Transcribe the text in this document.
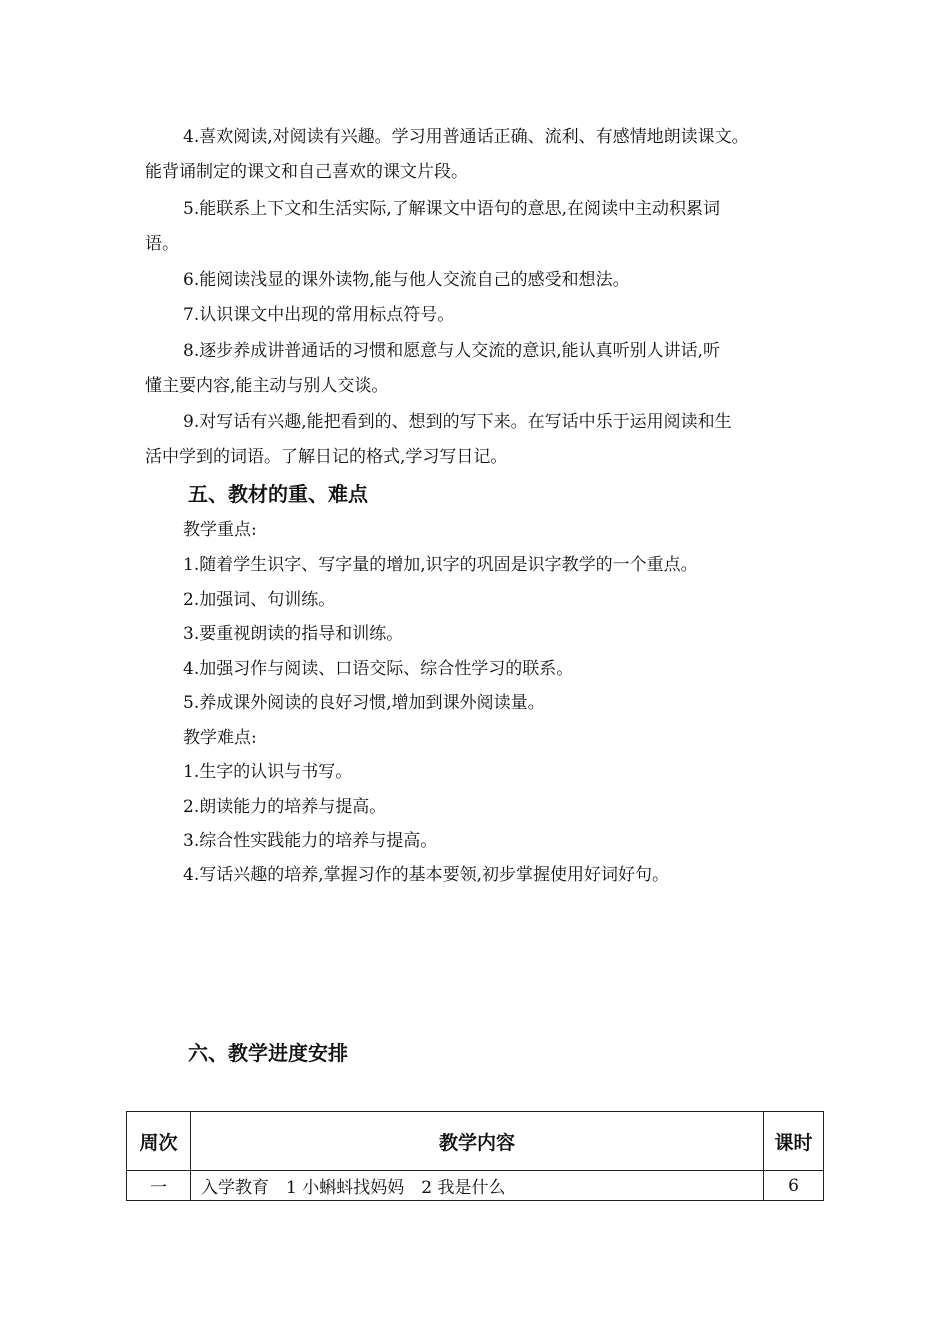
4.喜欢阅读,对阅读有兴趣。学习用普通话正确、流利、有感情地朗读课文。
能背诵制定的课文和自己喜欢的课文片段。
5.能联系上下文和生活实际,了解课文中语句的意思,在阅读中主动积累词
语。
6.能阅读浅显的课外读物,能与他人交流自己的感受和想法。
7.认识课文中出现的常用标点符号。
8.逐步养成讲普通话的习惯和愿意与人交流的意识,能认真听别人讲话,听
懂主要内容,能主动与别人交谈。
9.对写话有兴趣,能把看到的、想到的写下来。在写话中乐于运用阅读和生
活中学到的词语。了解日记的格式,学习写日记。
五、教材的重、难点
教学重点:
1.随着学生识字、写字量的增加,识字的巩固是识字教学的一个重点。
2.加强词、句训练。
3.要重视朗读的指导和训练。
4.加强习作与阅读、口语交际、综合性学习的联系。
5.养成课外阅读的良好习惯,增加到课外阅读量。
教学难点:
1.生字的认识与书写。
2.朗读能力的培养与提高。
3.综合性实践能力的培养与提高。
4.写话兴趣的培养,掌握习作的基本要领,初步掌握使用好词好句。
六、教学进度安排
周次	教学内容	课时
一	入学教育　1 小蝌蚪找妈妈　2 我是什么	6
